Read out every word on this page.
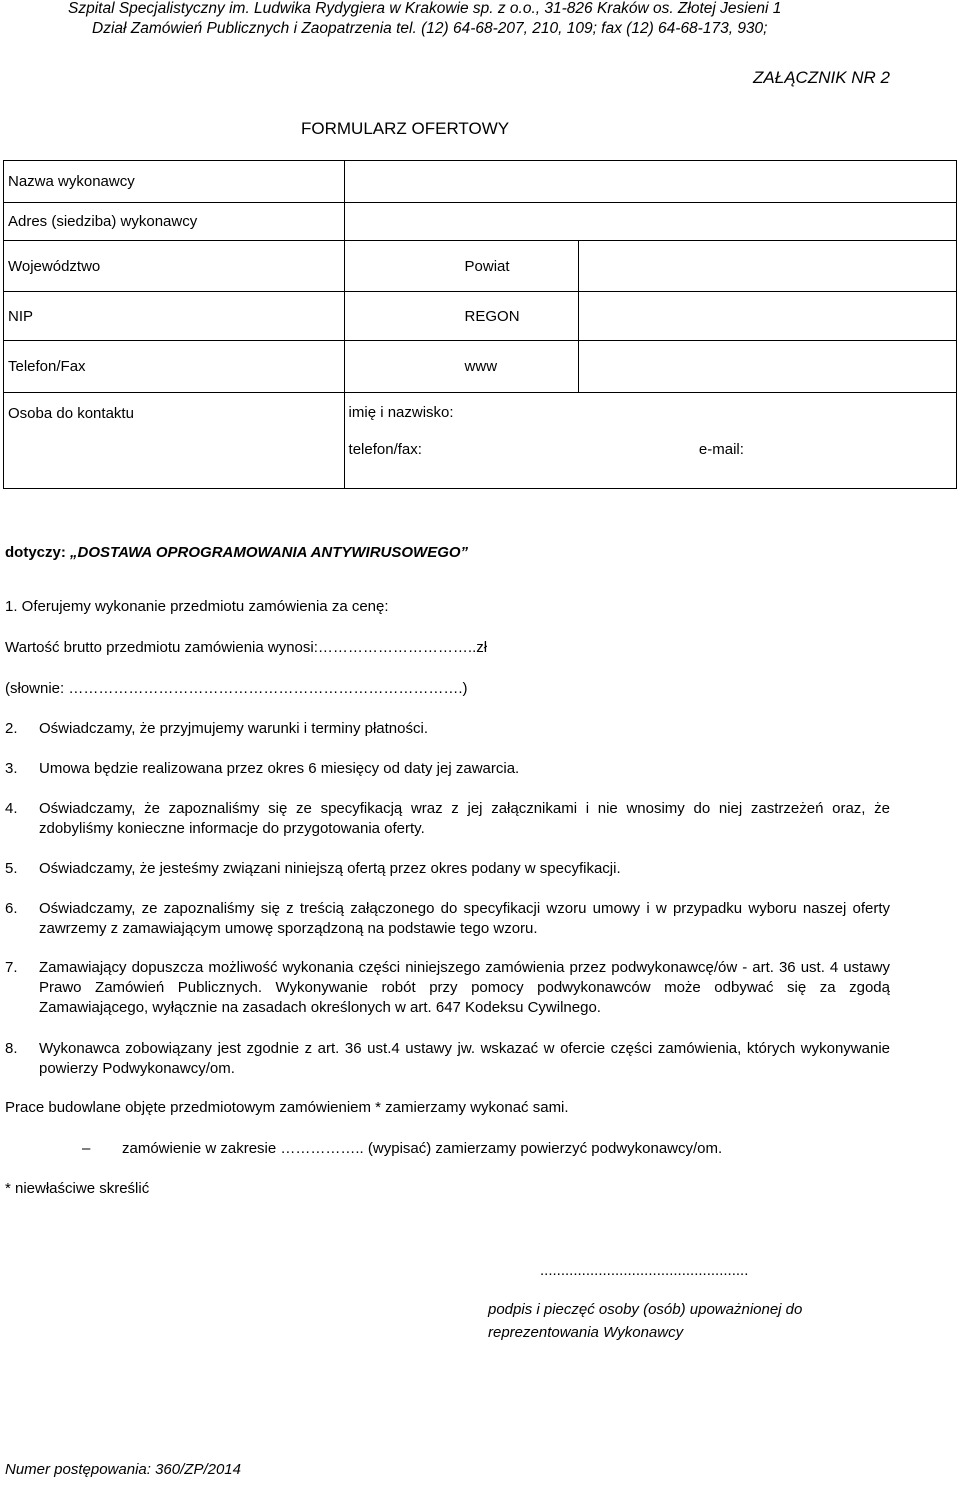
Szpital Specjalistyczny im. Ludwika Rydygiera w Krakowie sp. z o.o., 31-826 Kraków os. Złotej Jesieni 1
Dział Zamówień Publicznych i Zaopatrzenia tel. (12) 64-68-207, 210, 109; fax (12) 64-68-173, 930;
ZAŁĄCZNIK NR 2
FORMULARZ OFERTOWY
Nazwa wykonawcy		
Adres (siedziba) wykonawcy		
Województwo	Powiat	
NIP	REGON	
Telefon/Fax	www	
Osoba do kontaktu	imię i nazwisko:	
	telefon/fax:	e-mail:
dotyczy: „DOSTAWA OPROGRAMOWANIA ANTYWIRUSOWEGO”
1. Oferujemy wykonanie przedmiotu zamówienia za cenę:
Wartość brutto przedmiotu zamówienia wynosi:…………………………..zł
(słownie: …………………………………………………………………….)
2. Oświadczamy, że przyjmujemy warunki i terminy płatności.
3. Umowa będzie realizowana przez okres 6 miesięcy od daty jej zawarcia.
4. Oświadczamy, że zapoznaliśmy się ze specyfikacją wraz z jej załącznikami i nie wnosimy do niej zastrzeżeń oraz, że zdobyliśmy konieczne informacje do przygotowania oferty.
5. Oświadczamy, że jesteśmy związani niniejszą ofertą przez okres podany w specyfikacji.
6. Oświadczamy, ze zapoznaliśmy się z treścią załączonego do specyfikacji wzoru umowy i w przypadku wyboru naszej oferty zawrzemy z zamawiającym umowę sporządzoną na podstawie tego wzoru.
7. Zamawiający dopuszcza możliwość wykonania części niniejszego zamówienia przez podwykonawcę/ów - art. 36 ust. 4 ustawy Prawo Zamówień Publicznych. Wykonywanie robót przy pomocy podwykonawców może odbywać się za zgodą Zamawiającego, wyłącznie na zasadach określonych w art. 647 Kodeksu Cywilnego.
8. Wykonawca zobowiązany jest zgodnie z art. 36 ust.4 ustawy jw. wskazać w ofercie części zamówienia, których wykonywanie powierzy Podwykonawcy/om.
Prace budowlane objęte przedmiotowym zamówieniem * zamierzamy wykonać sami.
– zamówienie w zakresie …………….. (wypisać) zamierzamy powierzyć podwykonawcy/om.
* niewłaściwe skreślić
..................................................
podpis i pieczęć osoby (osób) upoważnionej do
reprezentowania Wykonawcy
Numer postępowania: 360/ZP/2014
